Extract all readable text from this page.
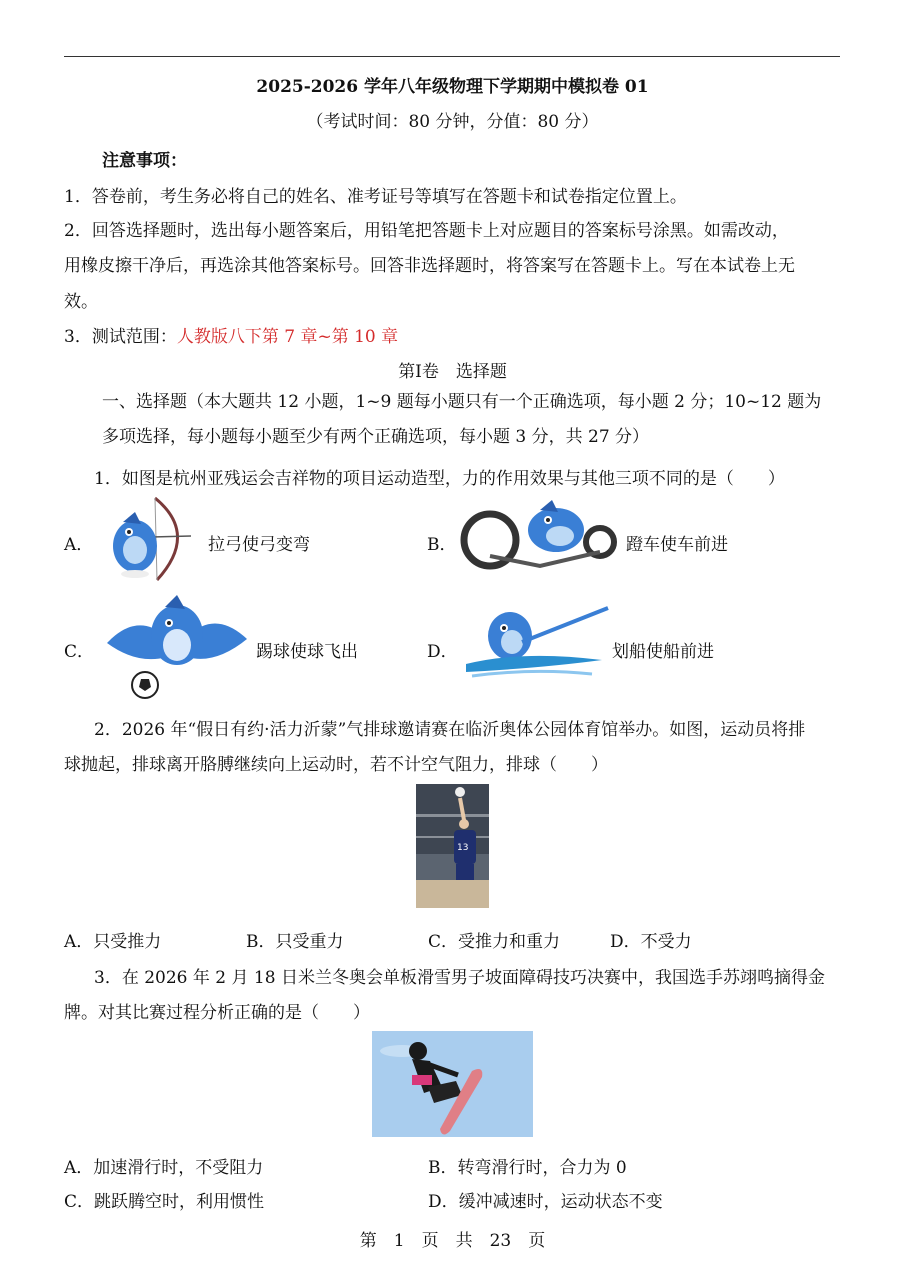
2025-2026 学年八年级物理下学期期中模拟卷 01
（考试时间：80 分钟，分值：80 分）
注意事项：
1．答卷前，考生务必将自己的姓名、准考证号等填写在答题卡和试卷指定位置上。
2．回答选择题时，选出每小题答案后，用铅笔把答题卡上对应题目的答案标号涂黑。如需改动，
用橡皮擦干净后，再选涂其他答案标号。回答非选择题时，将答案写在答题卡上。写在本试卷上无
效。
3．测试范围：人教版八下第 7 章~第 10 章
第Ⅰ卷　选择题
一、选择题（本大题共 12 小题，1~9 题每小题只有一个正确选项，每小题 2 分；10~12 题为
多项选择，每小题每小题至少有两个正确选项，每小题 3 分，共 27 分）
1．如图是杭州亚残运会吉祥物的项目运动造型，力的作用效果与其他三项不同的是（　　）
A．	拉弓使弓变弯	B．	蹬车使车前进
C．	踢球使球飞出	D．	划船使船前进
2．2026 年“假日有约·活力沂蒙”气排球邀请赛在临沂奥体公园体育馆举办。如图，运动员将排
球抛起，排球离开胳膊继续向上运动时，若不计空气阻力，排球（　　）
13
A．只受推力	B．只受重力	C．受推力和重力	D．不受力
3．在 2026 年 2 月 18 日米兰冬奥会单板滑雪男子坡面障碍技巧决赛中，我国选手苏翊鸣摘得金
牌。对其比赛过程分析正确的是（　　）
A．加速滑行时，不受阻力	B．转弯滑行时，合力为 0
C．跳跃腾空时，利用惯性	D．缓冲减速时，运动状态不变
第　1　页　共　23　页
